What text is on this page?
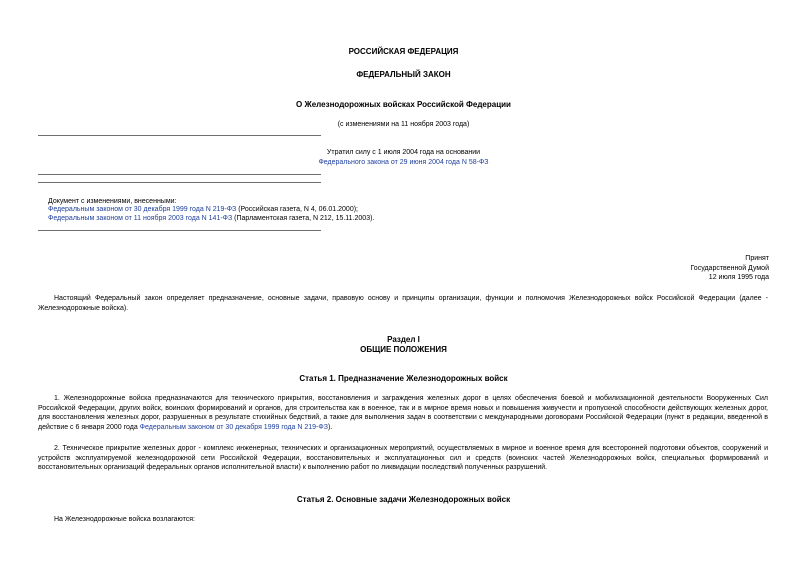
РОССИЙСКАЯ ФЕДЕРАЦИЯ
ФЕДЕРАЛЬНЫЙ ЗАКОН
О Железнодорожных войсках Российской Федерации
(с изменениями на 11 ноября 2003 года)
Утратил силу с 1 июля 2004 года на основании
Федерального закона от 29 июня 2004 года N 58-ФЗ
Документ с изменениями, внесенными:
Федеральным законом от 30 декабря 1999 года N 219-ФЗ (Российская газета, N 4, 06.01.2000);
Федеральным законом от 11 ноября 2003 года N 141-ФЗ (Парламентская газета, N 212, 15.11.2003).
Принят
Государственной Думой
12 июля 1995 года
Настоящий Федеральный закон определяет предназначение, основные задачи, правовую основу и принципы организации, функции и полномочия Железнодорожных войск Российской Федерации (далее - Железнодорожные войска).
Раздел I
ОБЩИЕ ПОЛОЖЕНИЯ
Статья 1. Предназначение Железнодорожных войск
1. Железнодорожные войска предназначаются для технического прикрытия, восстановления и заграждения железных дорог в целях обеспечения боевой и мобилизационной деятельности Вооруженных Сил Российской Федерации, других войск, воинских формирований и органов, для строительства как в военное, так и в мирное время новых и повышения живучести и пропускной способности действующих железных дорог, для восстановления железных дорог, разрушенных в результате стихийных бедствий, а также для выполнения задач в соответствии с международными договорами Российской Федерации (пункт в редакции, введенной в действие с 6 января 2000 года Федеральным законом от 30 декабря 1999 года N 219-ФЗ).
2. Техническое прикрытие железных дорог - комплекс инженерных, технических и организационных мероприятий, осуществляемых в мирное и военное время для всесторонней подготовки объектов, сооружений и устройств эксплуатируемой железнодорожной сети Российской Федерации, восстановительных и эксплуатационных сил и средств (воинских частей Железнодорожных войск, специальных формирований и восстановительных организаций федеральных органов исполнительной власти) к выполнению работ по ликвидации последствий полученных разрушений.
Статья 2. Основные задачи Железнодорожных войск
На Железнодорожные войска возлагаются:
